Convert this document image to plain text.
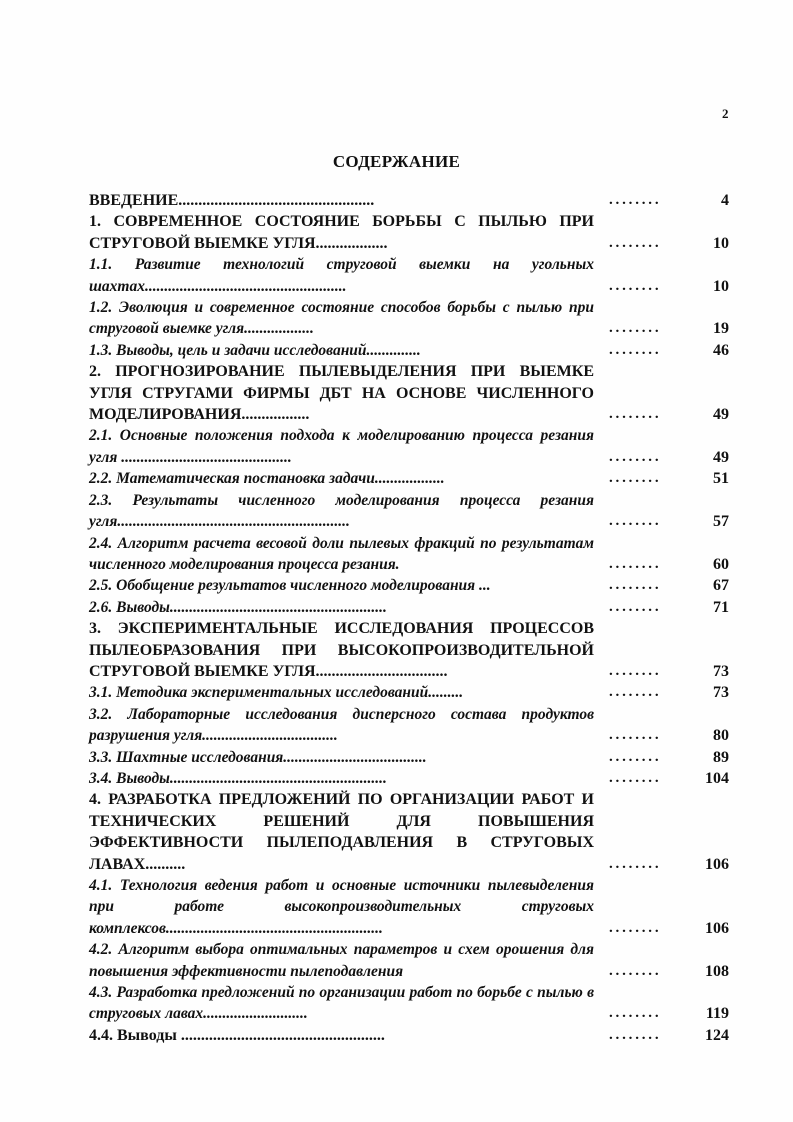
2
СОДЕРЖАНИЕ
ВВЕДЕНИЕ.................................................	........	4
1. СОВРЕМЕННОЕ СОСТОЯНИЕ БОРЬБЫ С ПЫЛЬЮ ПРИ СТРУГОВОЙ ВЫЕМКЕ УГЛЯ..................	........	10
1.1. Развитие технологий струговой выемки на угольных шахтах....................................................	........	10
1.2. Эволюция и современное состояние способов борьбы с пылью при струговой выемке угля..................	........	19
1.3. Выводы, цель и задачи исследований..............	........	46
2. ПРОГНОЗИРОВАНИЕ ПЫЛЕВЫДЕЛЕНИЯ ПРИ ВЫЕМКЕ УГЛЯ СТРУГАМИ ФИРМЫ ДБТ НА ОСНОВЕ ЧИСЛЕННОГО МОДЕЛИРОВАНИЯ.................	........	49
2.1. Основные положения подхода к моделированию процесса резания угля ............................................	........	49
2.2. Математическая постановка задачи..................	........	51
2.3. Результаты численного моделирования процесса резания угля............................................................	........	57
2.4. Алгоритм расчета весовой доли пылевых фракций по результатам численного моделирования процесса резания.	........	60
2.5. Обобщение результатов численного моделирования ...	........	67
2.6. Выводы........................................................	........	71
3. ЭКСПЕРИМЕНТАЛЬНЫЕ ИССЛЕДОВАНИЯ ПРОЦЕССОВ ПЫЛЕОБРАЗОВАНИЯ ПРИ ВЫСОКОПРОИЗВОДИТЕЛЬНОЙ СТРУГОВОЙ ВЫЕМКЕ УГЛЯ.................................	........	73
3.1. Методика экспериментальных исследований.........	........	73
3.2. Лабораторные исследования дисперсного состава продуктов разрушения угля...................................	........	80
3.3. Шахтные исследования.....................................	........	89
3.4. Выводы........................................................	........	104
4. РАЗРАБОТКА ПРЕДЛОЖЕНИЙ ПО ОРГАНИЗАЦИИ РАБОТ И ТЕХНИЧЕСКИХ РЕШЕНИЙ ДЛЯ ПОВЫШЕНИЯ ЭФФЕКТИВНОСТИ ПЫЛЕПОДАВЛЕНИЯ В СТРУГОВЫХ ЛАВАХ..........	........	106
4.1. Технология ведения работ и основные источники пылевыделения при работе высокопроизводительных струговых комплексов........................................................	........	106
4.2. Алгоритм выбора оптимальных параметров и схем орошения для повышения эффективности пылеподавления	........	108
4.3. Разработка предложений по организации работ по борьбе с пылью в струговых лавах...........................	........	119
4.4. Выводы ...................................................	........	124
